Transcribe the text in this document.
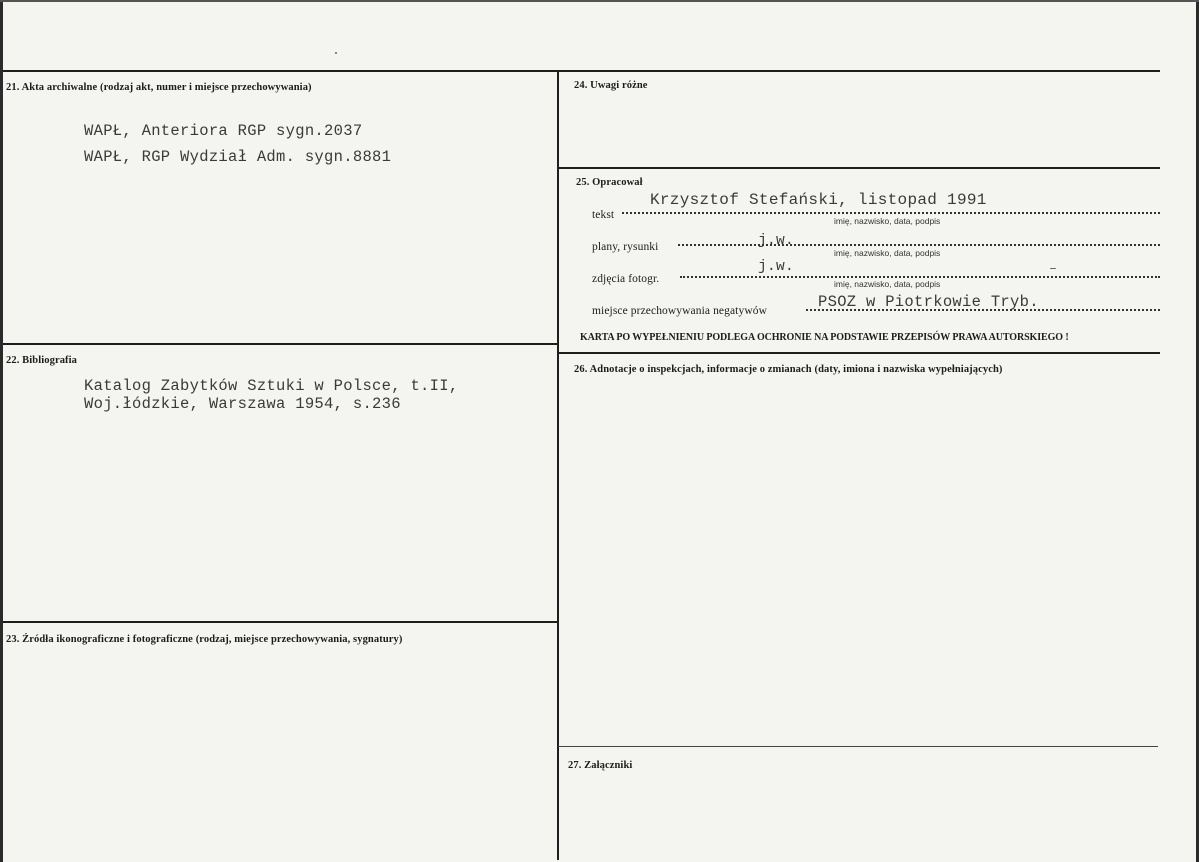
21. Akta archiwalne (rodzaj akt, numer i miejsce przechowywania)
WAPŁ, Anteriora RGP sygn.2037
WAPŁ, RGP Wydział Adm. sygn.8881
22. Bibliografia
Katalog Zabytków Sztuki w Polsce, t.II,
Woj.łódzkie, Warszawa 1954, s.236
23. Źródła ikonograficzne i fotograficzne (rodzaj, miejsce przechowywania, sygnatury)
24. Uwagi różne
25. Opracował
tekst
Krzysztof Stefański, listopad 1991
imię, nazwisko, data, podpis
plany, rysunki	j.w.
imię, nazwisko, data, podpis
zdjęcia fotogr.
j.w.
imię, nazwisko, data, podpis
miejsce przechowywania negatywów	PSOZ w Piotrkowie Tryb.
KARTA PO WYPEŁNIENIU PODLEGA OCHRONIE NA PODSTAWIE PRZEPISÓW PRAWA AUTORSKIEGO !
26. Adnotacje o inspekcjach, informacje o zmianach (daty, imiona i nazwiska wypełniających)
27. Załączniki
